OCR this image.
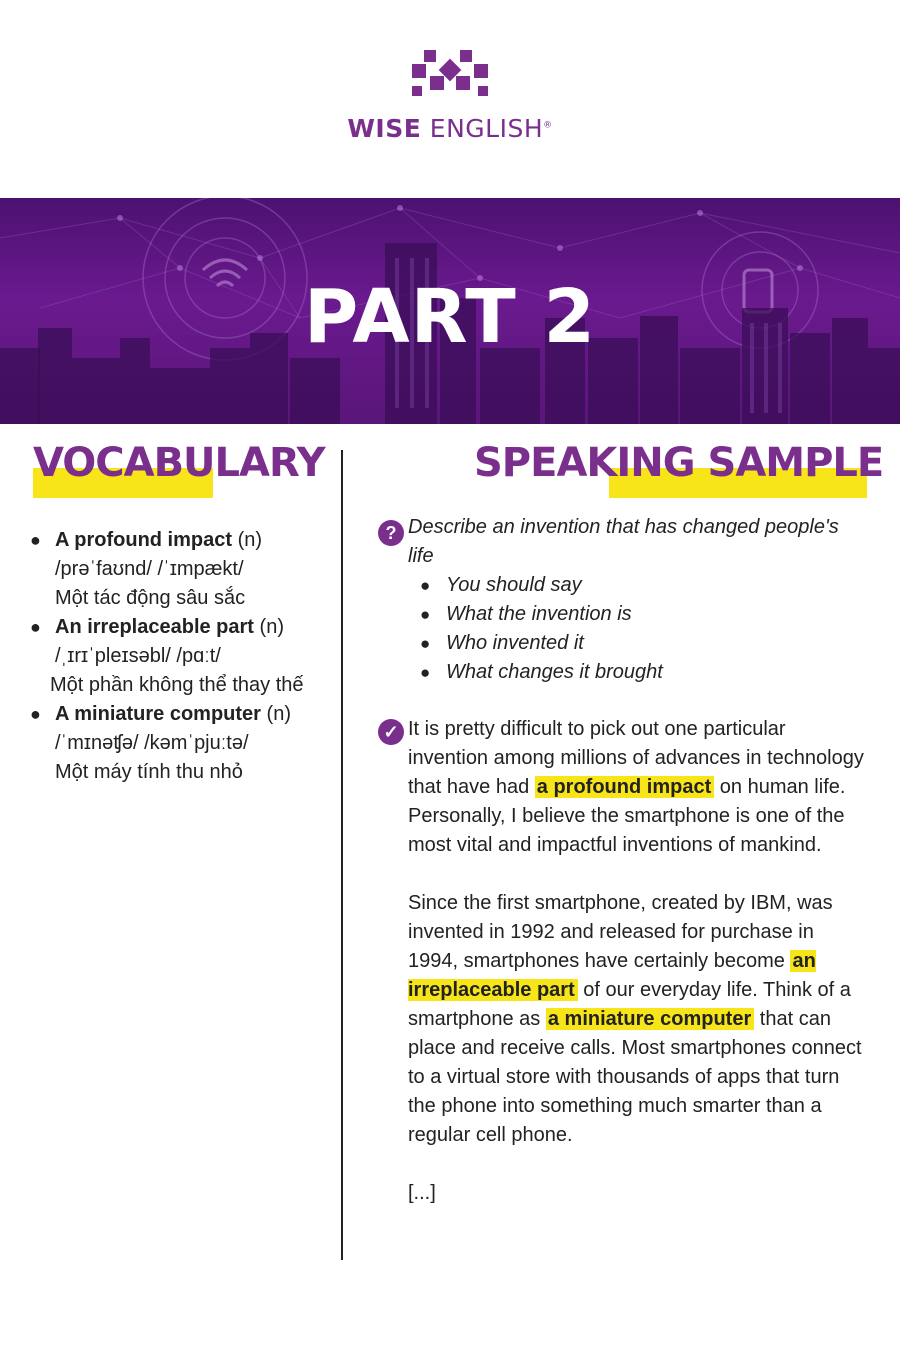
WISE ENGLISH®
PART 2
VOCABULARY	SPEAKING SAMPLE
● A profound impact (n)
/prəˈfaʊnd/ /ˈɪmpækt/
Một tác động sâu sắc
● An irreplaceable part (n)
/ˌɪrɪˈpleɪsəbl/ /pɑːt/
Một phần không thể thay thế
● A miniature computer (n)
/ˈmɪnəʧə/ /kəmˈpjuːtə/
Một máy tính thu nhỏ
? Describe an invention that has changed people's life
● You should say
● What the invention is
● Who invented it
● What changes it brought
✓ It is pretty difficult to pick out one particular invention among millions of advances in technology that have had a profound impact on human life. Personally, I believe the smartphone is one of the most vital and impactful inventions of mankind.

Since the first smartphone, created by IBM, was invented in 1992 and released for purchase in 1994, smartphones have certainly become an irreplaceable part of our everyday life. Think of a smartphone as a miniature computer that can place and receive calls. Most smartphones connect to a virtual store with thousands of apps that turn the phone into something much smarter than a regular cell phone.

[...]
